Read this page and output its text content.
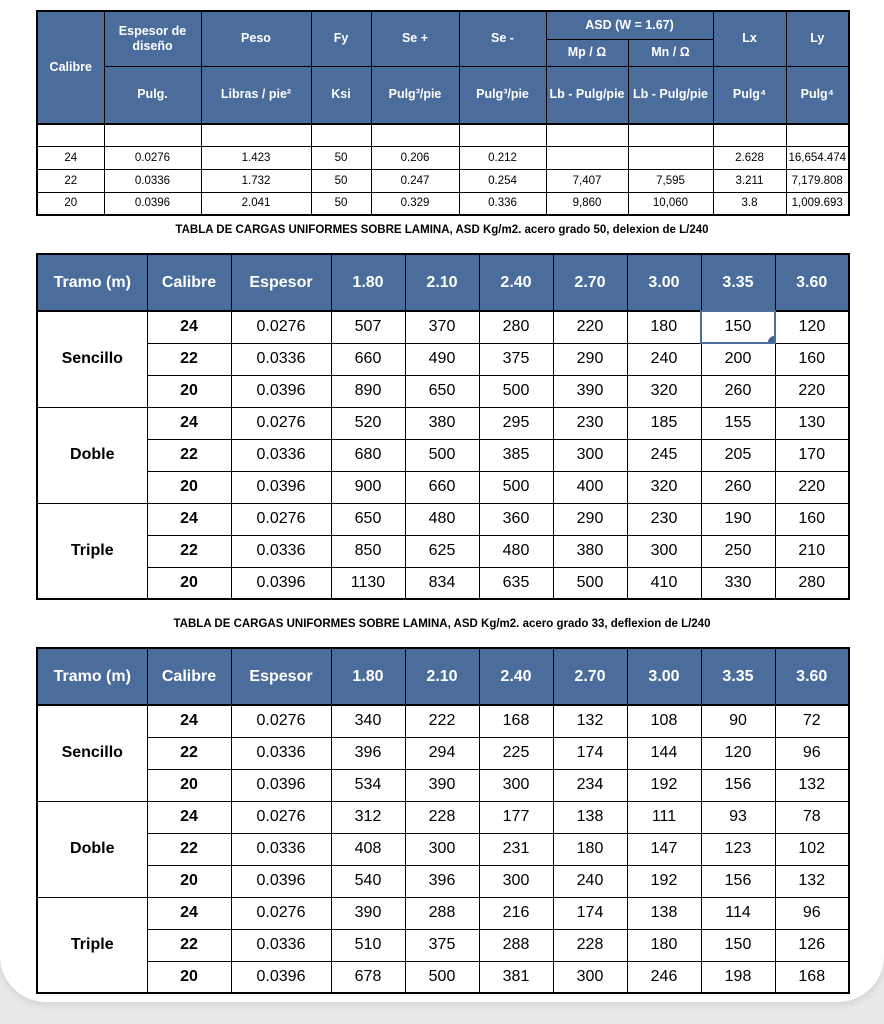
Calibre	Espesor de diseño	Peso	Fy	Se +	Se -	ASD (W = 1.67)		Lx	Ly
						Mp / Ω	Mn / Ω		
	Pulg.	Libras / pie²	Ksi	Pulg³/pie	Pulg³/pie	Lb - Pulg/pie	Lb - Pulg/pie	Pulg⁴	Pulg⁴

24	0.0276	1.423	50	0.206	0.212			2.628	16,654.474
22	0.0336	1.732	50	0.247	0.254	7,407	7,595	3.211	7,179.808
20	0.0396	2.041	50	0.329	0.336	9,860	10,060	3.8	1,009.693
TABLA DE CARGAS UNIFORMES SOBRE LAMINA, ASD Kg/m2. acero grado 50, delexion de L/240
Tramo (m)	Calibre	Espesor	1.80	2.10	2.40	2.70	3.00	3.35	3.60
Sencillo	24	0.0276	507	370	280	220	180	150	120
	22	0.0336	660	490	375	290	240	200	160
	20	0.0396	890	650	500	390	320	260	220
Doble	24	0.0276	520	380	295	230	185	155	130
	22	0.0336	680	500	385	300	245	205	170
	20	0.0396	900	660	500	400	320	260	220
Triple	24	0.0276	650	480	360	290	230	190	160
	22	0.0336	850	625	480	380	300	250	210
	20	0.0396	1130	834	635	500	410	330	280
TABLA DE CARGAS UNIFORMES SOBRE LAMINA, ASD Kg/m2. acero grado 33, deflexion de L/240
Tramo (m)	Calibre	Espesor	1.80	2.10	2.40	2.70	3.00	3.35	3.60
Sencillo	24	0.0276	340	222	168	132	108	90	72
	22	0.0336	396	294	225	174	144	120	96
	20	0.0396	534	390	300	234	192	156	132
Doble	24	0.0276	312	228	177	138	111	93	78
	22	0.0336	408	300	231	180	147	123	102
	20	0.0396	540	396	300	240	192	156	132
Triple	24	0.0276	390	288	216	174	138	114	96
	22	0.0336	510	375	288	228	180	150	126
	20	0.0396	678	500	381	300	246	198	168
